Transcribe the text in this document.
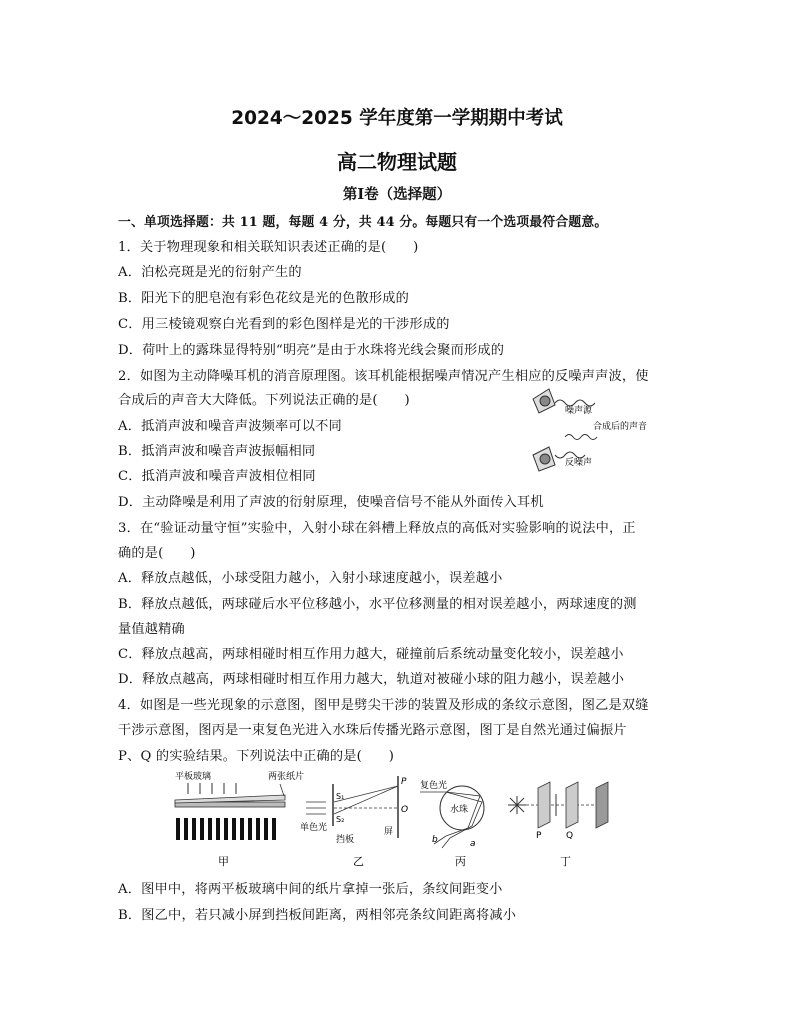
2024～2025 学年度第一学期期中考试
高二物理试题
第Ⅰ卷（选择题）
一、单项选择题：共 11 题，每题 4 分，共 44 分。每题只有一个选项最符合题意。
1．关于物理现象和相关联知识表述正确的是(　　)
A．泊松亮斑是光的衍射产生的
B．阳光下的肥皂泡有彩色花纹是光的色散形成的
C．用三棱镜观察白光看到的彩色图样是光的干涉形成的
D．荷叶上的露珠显得特别“明亮”是由于水珠将光线会聚而形成的
2．如图为主动降噪耳机的消音原理图。该耳机能根据噪声情况产生相应的反噪声声波，使
合成后的声音大大降低。下列说法正确的是(　　)
A．抵消声波和噪音声波频率可以不同
B．抵消声波和噪音声波振幅相同
C．抵消声波和噪音声波相位相同
D．主动降噪是利用了声波的衍射原理，使噪音信号不能从外面传入耳机
噪声源
合成后的声音
反噪声
3．在“验证动量守恒”实验中，入射小球在斜槽上释放点的高低对实验影响的说法中，正
确的是(　　)
A．释放点越低，小球受阻力越小，入射小球速度越小，误差越小
B．释放点越低，两球碰后水平位移越小，水平位移测量的相对误差越小，两球速度的测
量值越精确
C．释放点越高，两球相碰时相互作用力越大，碰撞前后系统动量变化较小，误差越小
D．释放点越高，两球相碰时相互作用力越大，轨道对被碰小球的阻力越小，误差越小
4．如图是一些光现象的示意图，图甲是劈尖干涉的装置及形成的条纹示意图，图乙是双缝
干涉示意图，图丙是一束复色光进入水珠后传播光路示意图，图丁是自然光通过偏振片
P、Q 的实验结果。下列说法中正确的是(　　)
平板玻璃	两张纸片
甲
S₁
S₂
P
O
单色光
挡板
屏
乙
复色光
水珠
b	a
丙
P	Q
丁
A．图甲中，将两平板玻璃中间的纸片拿掉一张后，条纹间距变小
B．图乙中，若只减小屏到挡板间距离，两相邻亮条纹间距离将减小
